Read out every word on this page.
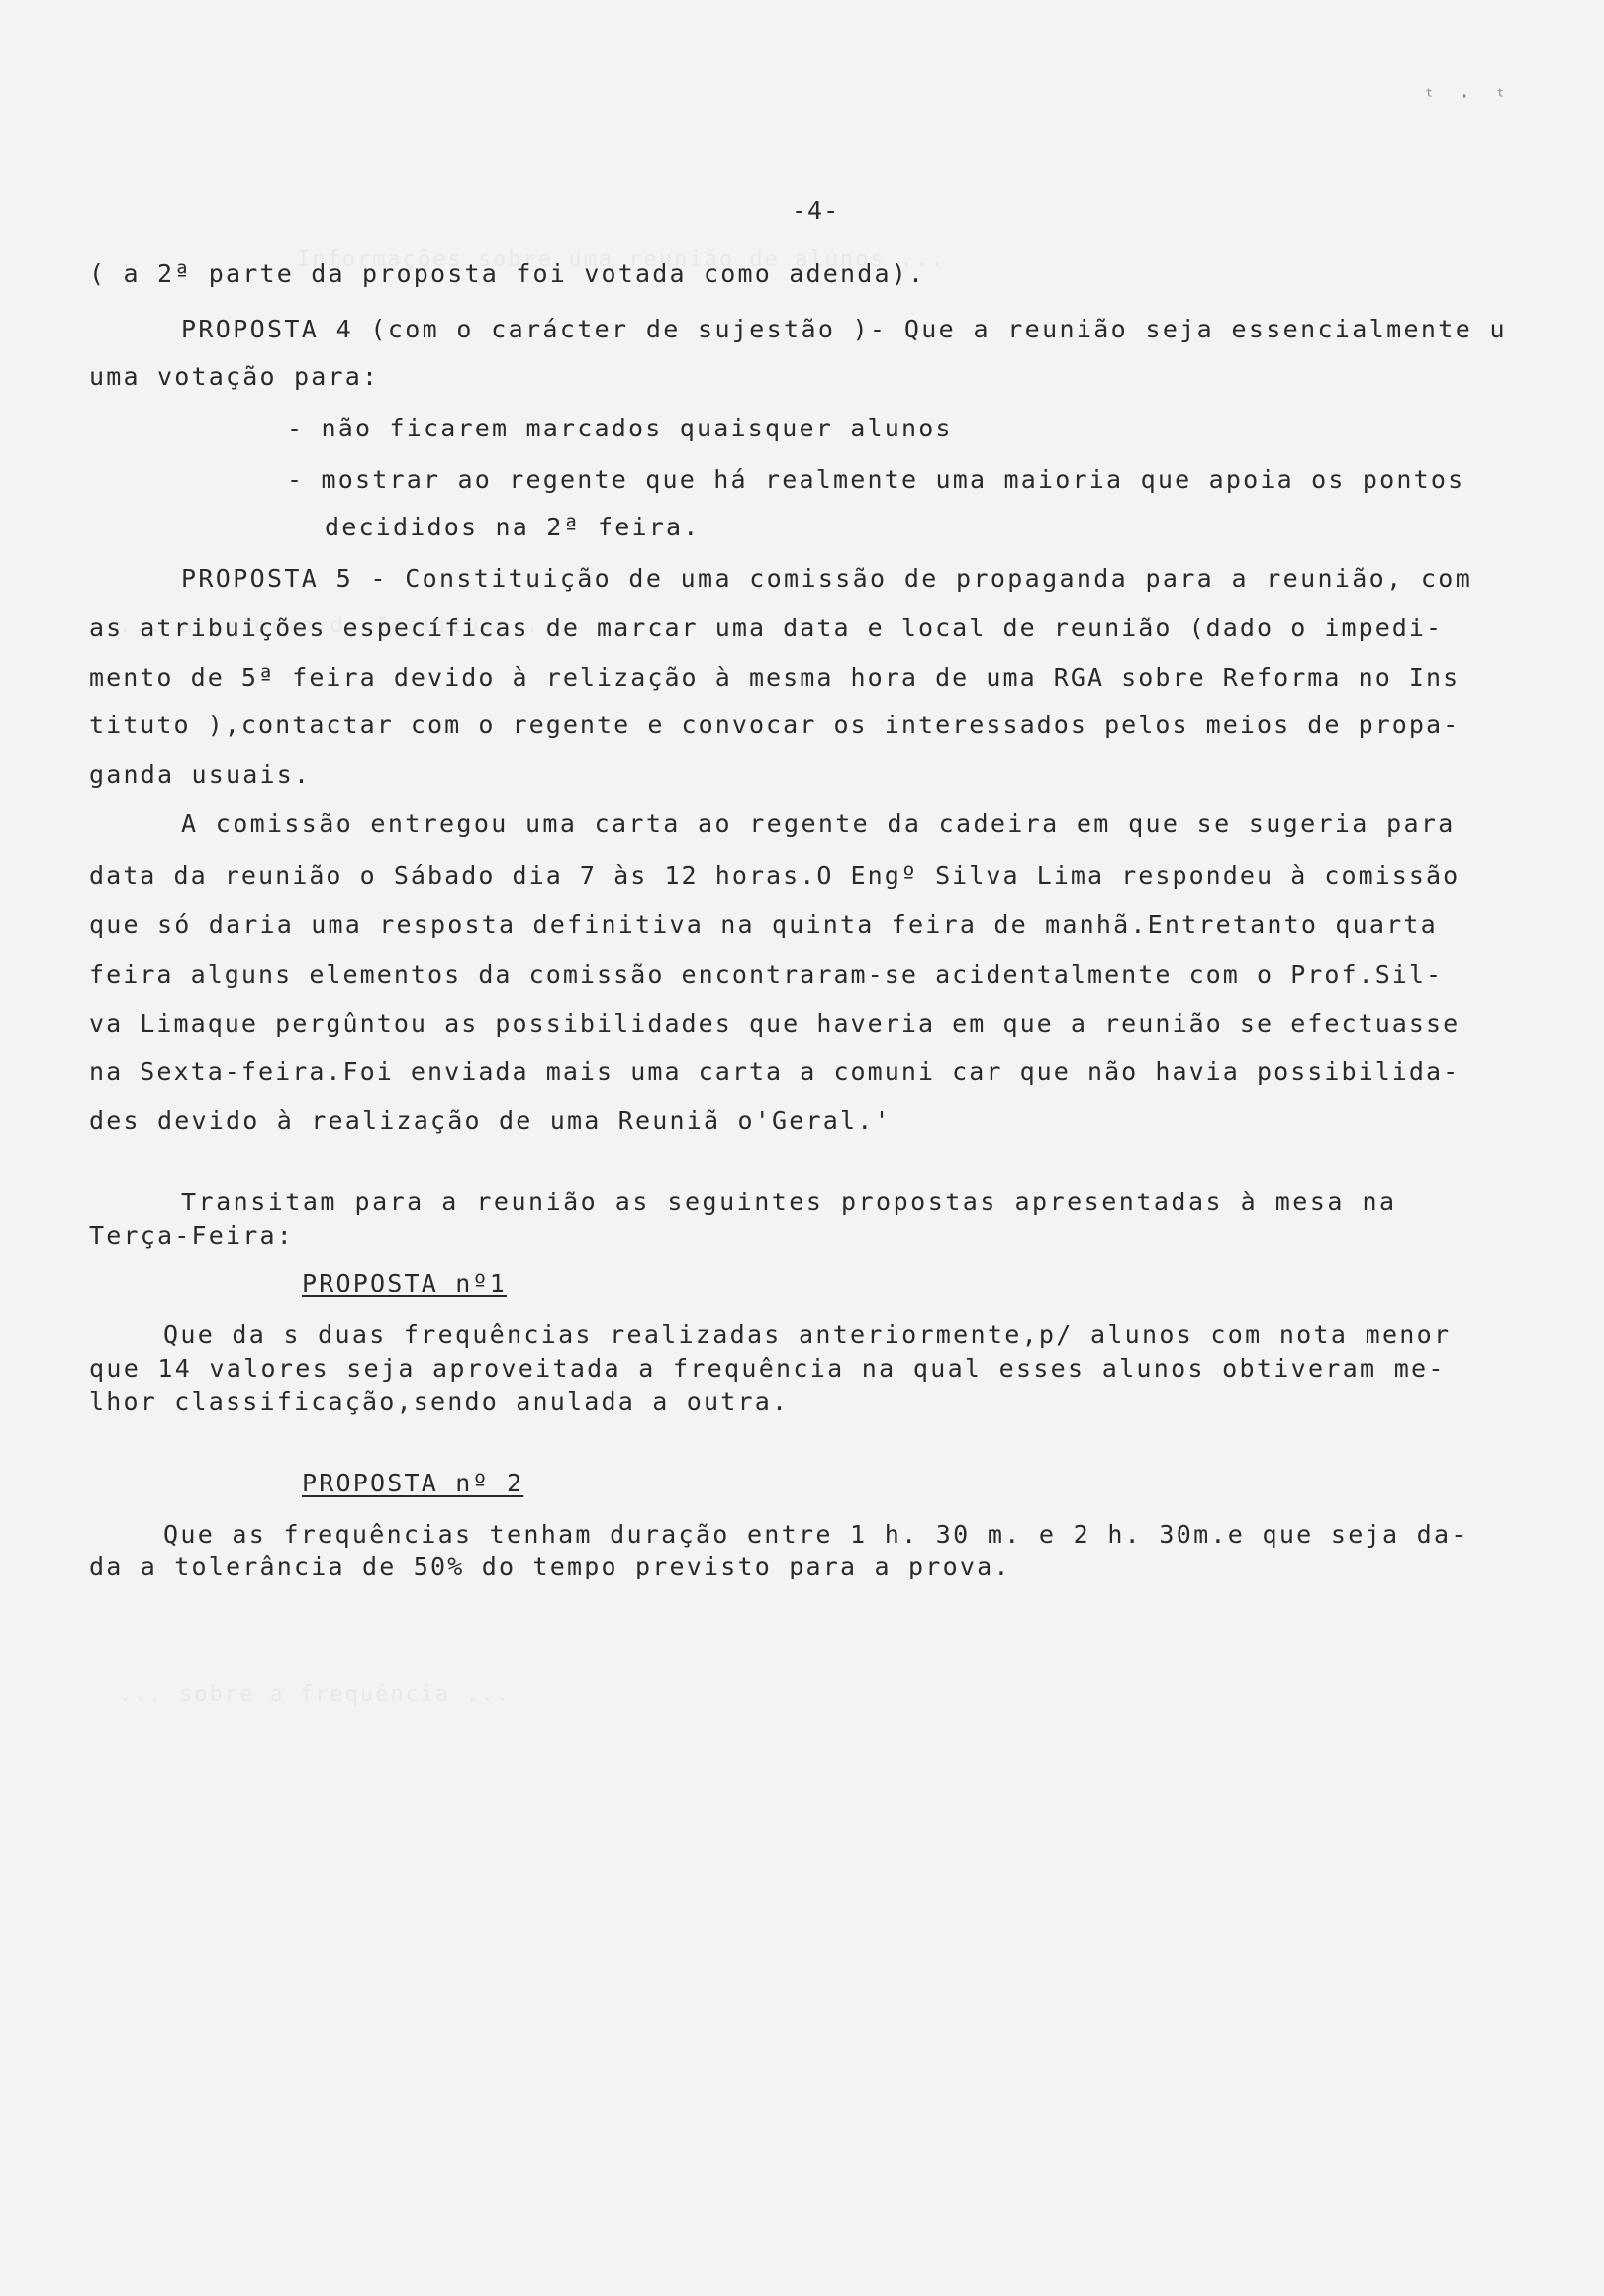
ᵗ · ᵗ
-4-
( a 2ª parte da proposta foi votada como adenda).
PROPOSTA 4 (com o carácter de sujestão )- Que a reunião seja essencialmente u
uma votação para:
- não ficarem marcados quaisquer alunos
- mostrar ao regente que há realmente uma maioria que apoia os pontos
decididos na 2ª feira.
PROPOSTA 5 - Constituição de uma comissão de propaganda para a reunião, com
as atribuições específicas de marcar uma data e local de reunião (dado o impedi-
mento de 5ª feira devido à relização à mesma hora de uma RGA sobre Reforma no Ins
tituto ),contactar com o regente e convocar os interessados pelos meios de propa-
ganda usuais.
A comissão entregou uma carta ao regente da cadeira em que se sugeria para
data da reunião o Sábado dia 7 às 12 horas.O Engº Silva Lima respondeu à comissão
que só daria uma resposta definitiva na quinta feira de manhã.Entretanto quarta
feira alguns elementos da comissão encontraram-se acidentalmente com o Prof.Sil-
va Limaque pergûntou as possibilidades que haveria em que a reunião se efectuasse
na Sexta-feira.Foi enviada mais uma carta a comuni car que não havia possibilida-
des devido à realização de uma Reuniã o'Geral.'
Transitam para a reunião as seguintes propostas apresentadas à mesa na
Terça-Feira:
PROPOSTA nº1
Que da s duas frequências realizadas anteriormente,p/ alunos com nota menor
que 14 valores seja aproveitada a frequência na qual esses alunos obtiveram me-
lhor classificação,sendo anulada a outra.
PROPOSTA nº 2
Que as frequências tenham duração entre 1 h. 30 m. e 2 h. 30m.e que seja da-
da a tolerância de 50% do tempo previsto para a prova.
